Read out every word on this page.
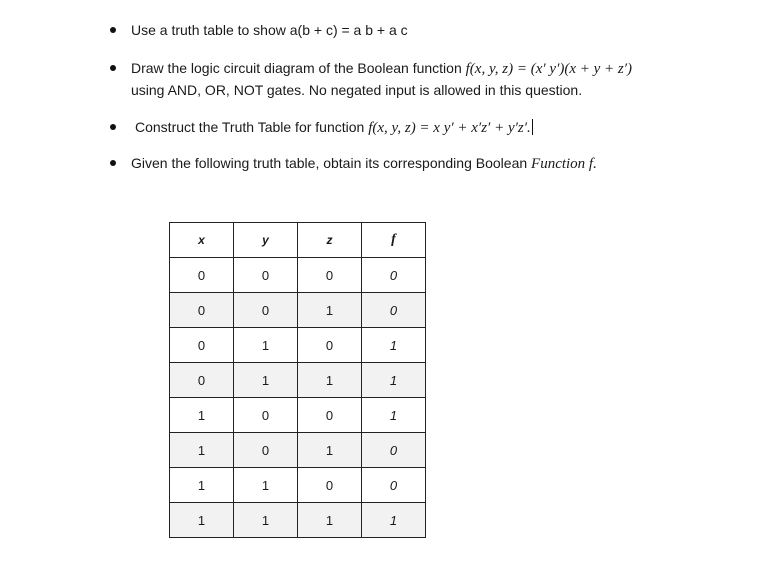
Use a truth table to show a(b + c) = a b + a c
Draw the logic circuit diagram of the Boolean function f(x, y, z) = (x′ y′)(x + y + z′)
using AND, OR, NOT gates. No negated input is allowed in this question.
Construct the Truth Table for function f(x, y, z) = x y′ + x′z′ + y′z′.
Given the following truth table, obtain its corresponding Boolean Function f.
x	y	z	f
0	0	0	0
0	0	1	0
0	1	0	1
0	1	1	1
1	0	0	1
1	0	1	0
1	1	0	0
1	1	1	1
